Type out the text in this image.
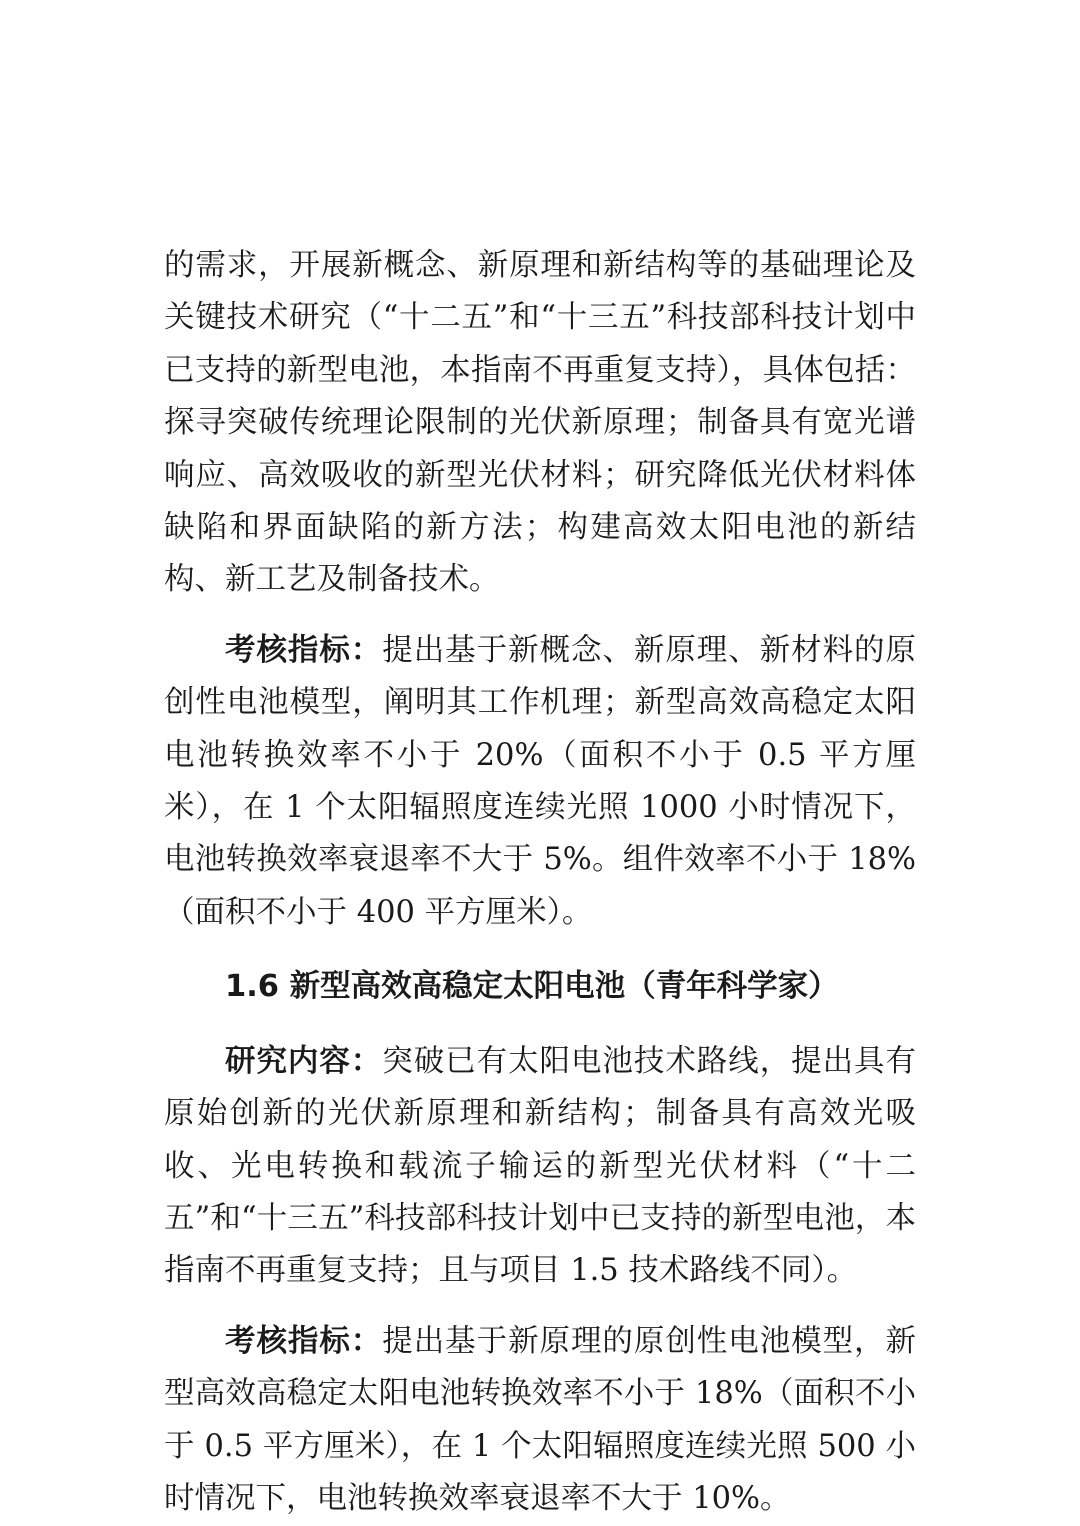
的需求，开展新概念、新原理和新结构等的基础理论及关键技术研究（“十二五”和“十三五”科技部科技计划中已支持的新型电池，本指南不再重复支持），具体包括：探寻突破传统理论限制的光伏新原理；制备具有宽光谱响应、高效吸收的新型光伏材料；研究降低光伏材料体缺陷和界面缺陷的新方法；构建高效太阳电池的新结构、新工艺及制备技术。

考核指标：提出基于新概念、新原理、新材料的原创性电池模型，阐明其工作机理；新型高效高稳定太阳电池转换效率不小于 20%（面积不小于 0.5 平方厘米），在 1 个太阳辐照度连续光照 1000 小时情况下，电池转换效率衰退率不大于 5%。组件效率不小于 18%（面积不小于 400 平方厘米）。

1.6 新型高效高稳定太阳电池（青年科学家）

研究内容：突破已有太阳电池技术路线，提出具有原始创新的光伏新原理和新结构；制备具有高效光吸收、光电转换和载流子输运的新型光伏材料（“十二五”和“十三五”科技部科技计划中已支持的新型电池，本指南不再重复支持；且与项目 1.5 技术路线不同）。

考核指标：提出基于新原理的原创性电池模型，新型高效高稳定太阳电池转换效率不小于 18%（面积不小于 0.5 平方厘米），在 1 个太阳辐照度连续光照 500 小时情况下，电池转换效率衰退率不大于 10%。
